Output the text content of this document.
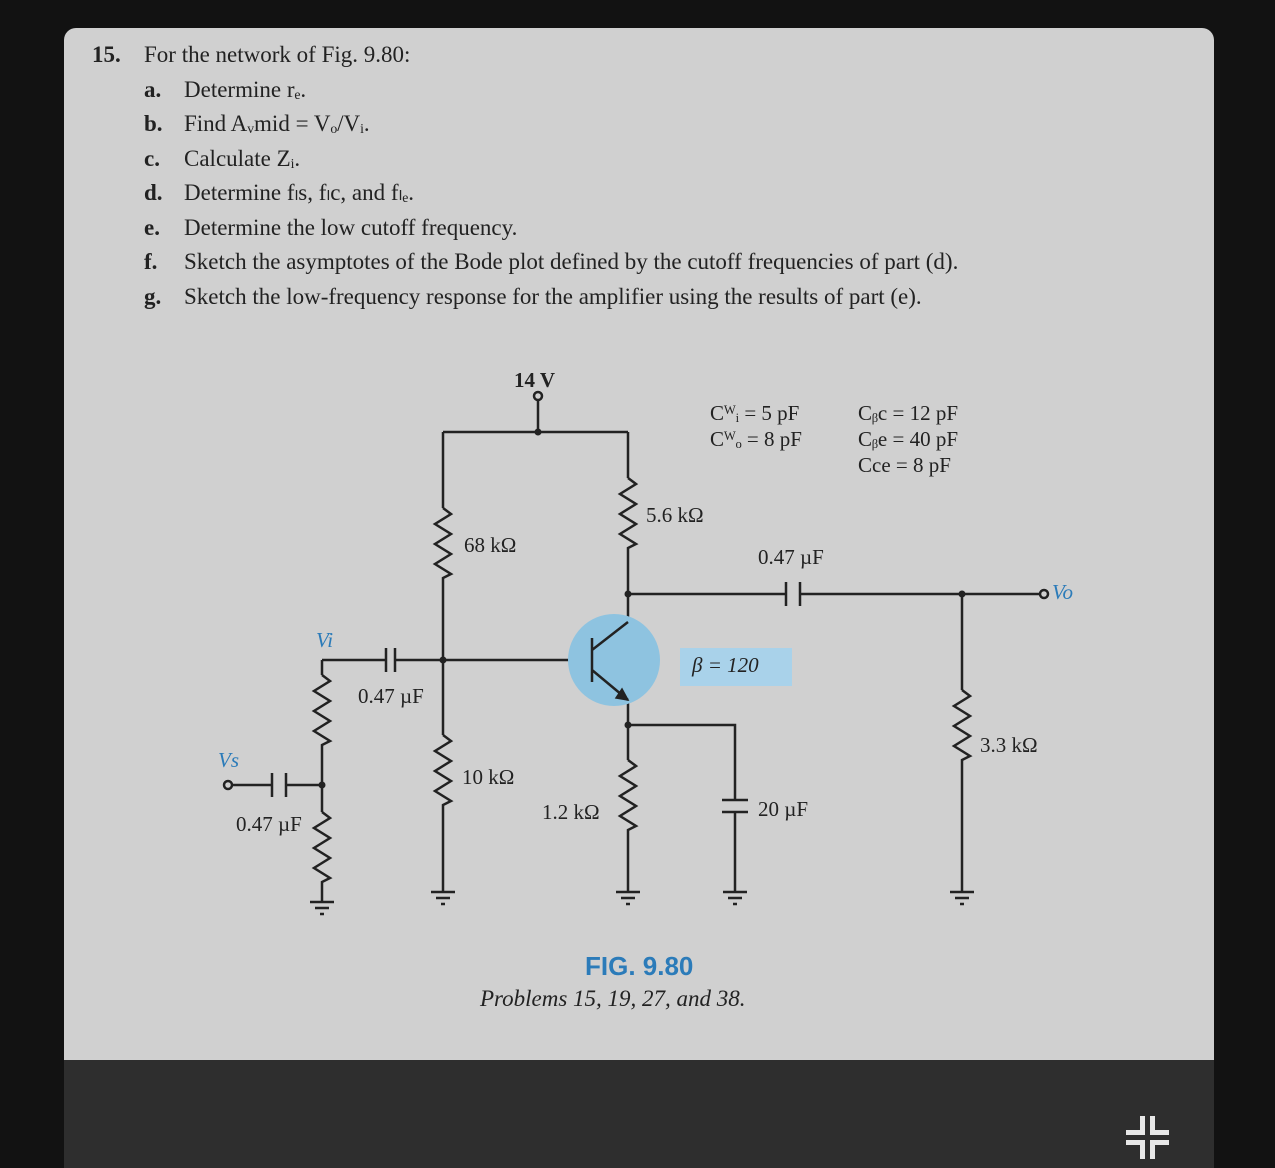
15. For the network of Fig. 9.80:
a. Determine rₑ.
b. Find Aᵥmid = Vₒ/Vᵢ.
c. Calculate Zᵢ.
d. Determine fₗs, fₗc, and fₗₑ.
e. Determine the low cutoff frequency.
f. Sketch the asymptotes of the Bode plot defined by the cutoff frequencies of part (d).
g. Sketch the low-frequency response for the amplifier using the results of part (e).
14 V
Cᵂᵢ = 5 pF
Cᵂₒ = 8 pF
Cᵦc = 12 pF
Cᵦe = 40 pF
Cce = 8 pF
68 kΩ
5.6 kΩ
0.47 µF
β = 120
0.47 µF
Vi
Vs
Vo
0.47 µF
10 kΩ
1.2 kΩ	20 µF
3.3 kΩ
FIG. 9.80
Problems 15, 19, 27, and 38.
